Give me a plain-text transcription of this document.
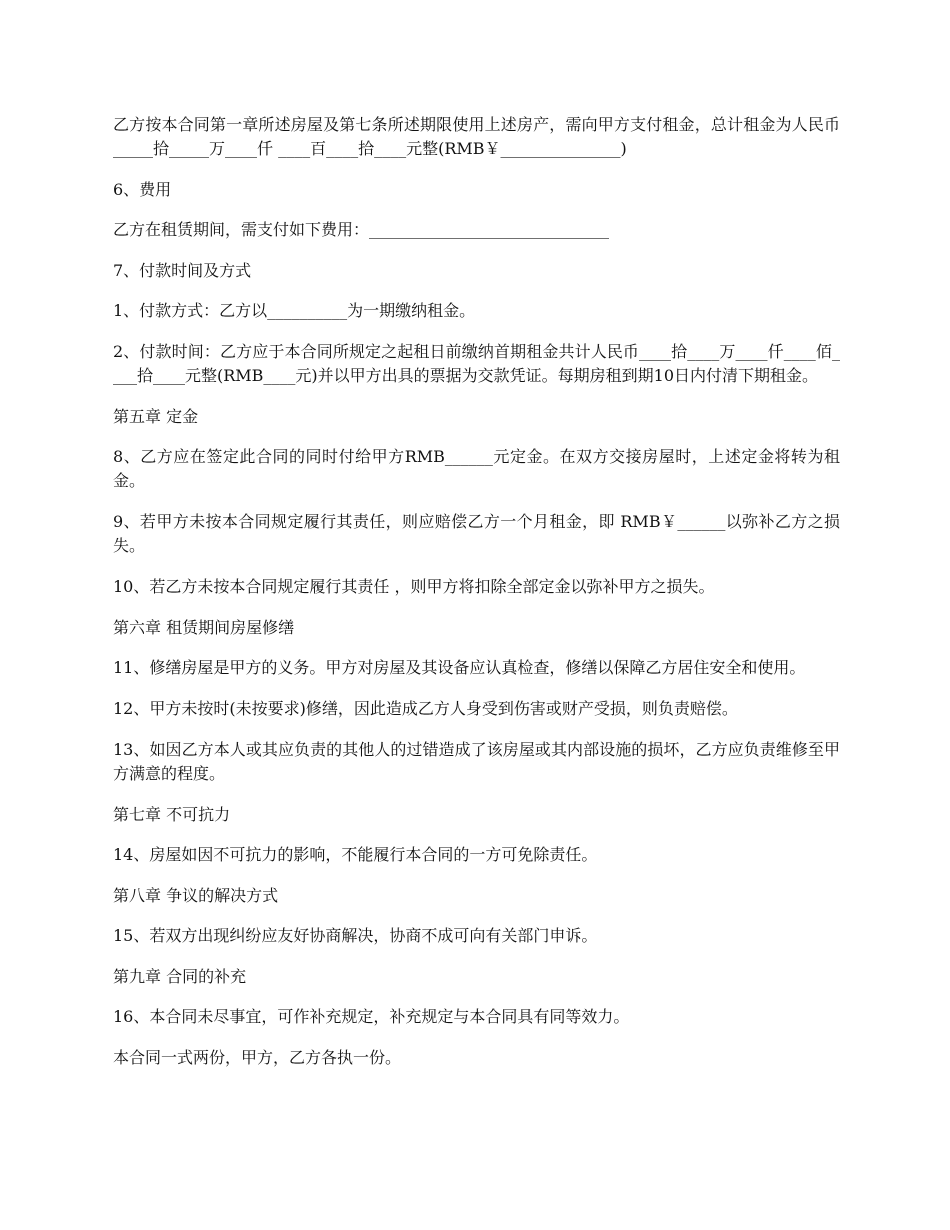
乙方按本合同第一章所述房屋及第七条所述期限使用上述房产，需向甲方支付租金，总计租金为人民币_____拾_____万____仟 ____百____拾____元整(RMB￥_______________)

6、费用

乙方在租赁期间，需支付如下费用：______________________________

7、付款时间及方式

1、付款方式：乙方以__________为一期缴纳租金。

2、付款时间：乙方应于本合同所规定之起租日前缴纳首期租金共计人民币____拾____万____仟____佰____拾____元整(RMB____元)并以甲方出具的票据为交款凭证。每期房租到期10日内付清下期租金。

第五章 定金

8、乙方应在签定此合同的同时付给甲方RMB______元定金。在双方交接房屋时，上述定金将转为租金。

9、若甲方未按本合同规定履行其责任，则应赔偿乙方一个月租金，即 RMB￥______以弥补乙方之损失。

10、若乙方未按本合同规定履行其责任 ，则甲方将扣除全部定金以弥补甲方之损失。

第六章 租赁期间房屋修缮

11、修缮房屋是甲方的义务。甲方对房屋及其设备应认真检查，修缮以保障乙方居住安全和使用。

12、甲方未按时(未按要求)修缮，因此造成乙方人身受到伤害或财产受损，则负责赔偿。

13、如因乙方本人或其应负责的其他人的过错造成了该房屋或其内部设施的损坏，乙方应负责维修至甲方满意的程度。

第七章 不可抗力

14、房屋如因不可抗力的影响，不能履行本合同的一方可免除责任。

第八章 争议的解决方式

15、若双方出现纠纷应友好协商解决，协商不成可向有关部门申诉。

第九章 合同的补充

16、本合同未尽事宜，可作补充规定，补充规定与本合同具有同等效力。

本合同一式两份，甲方，乙方各执一份。
